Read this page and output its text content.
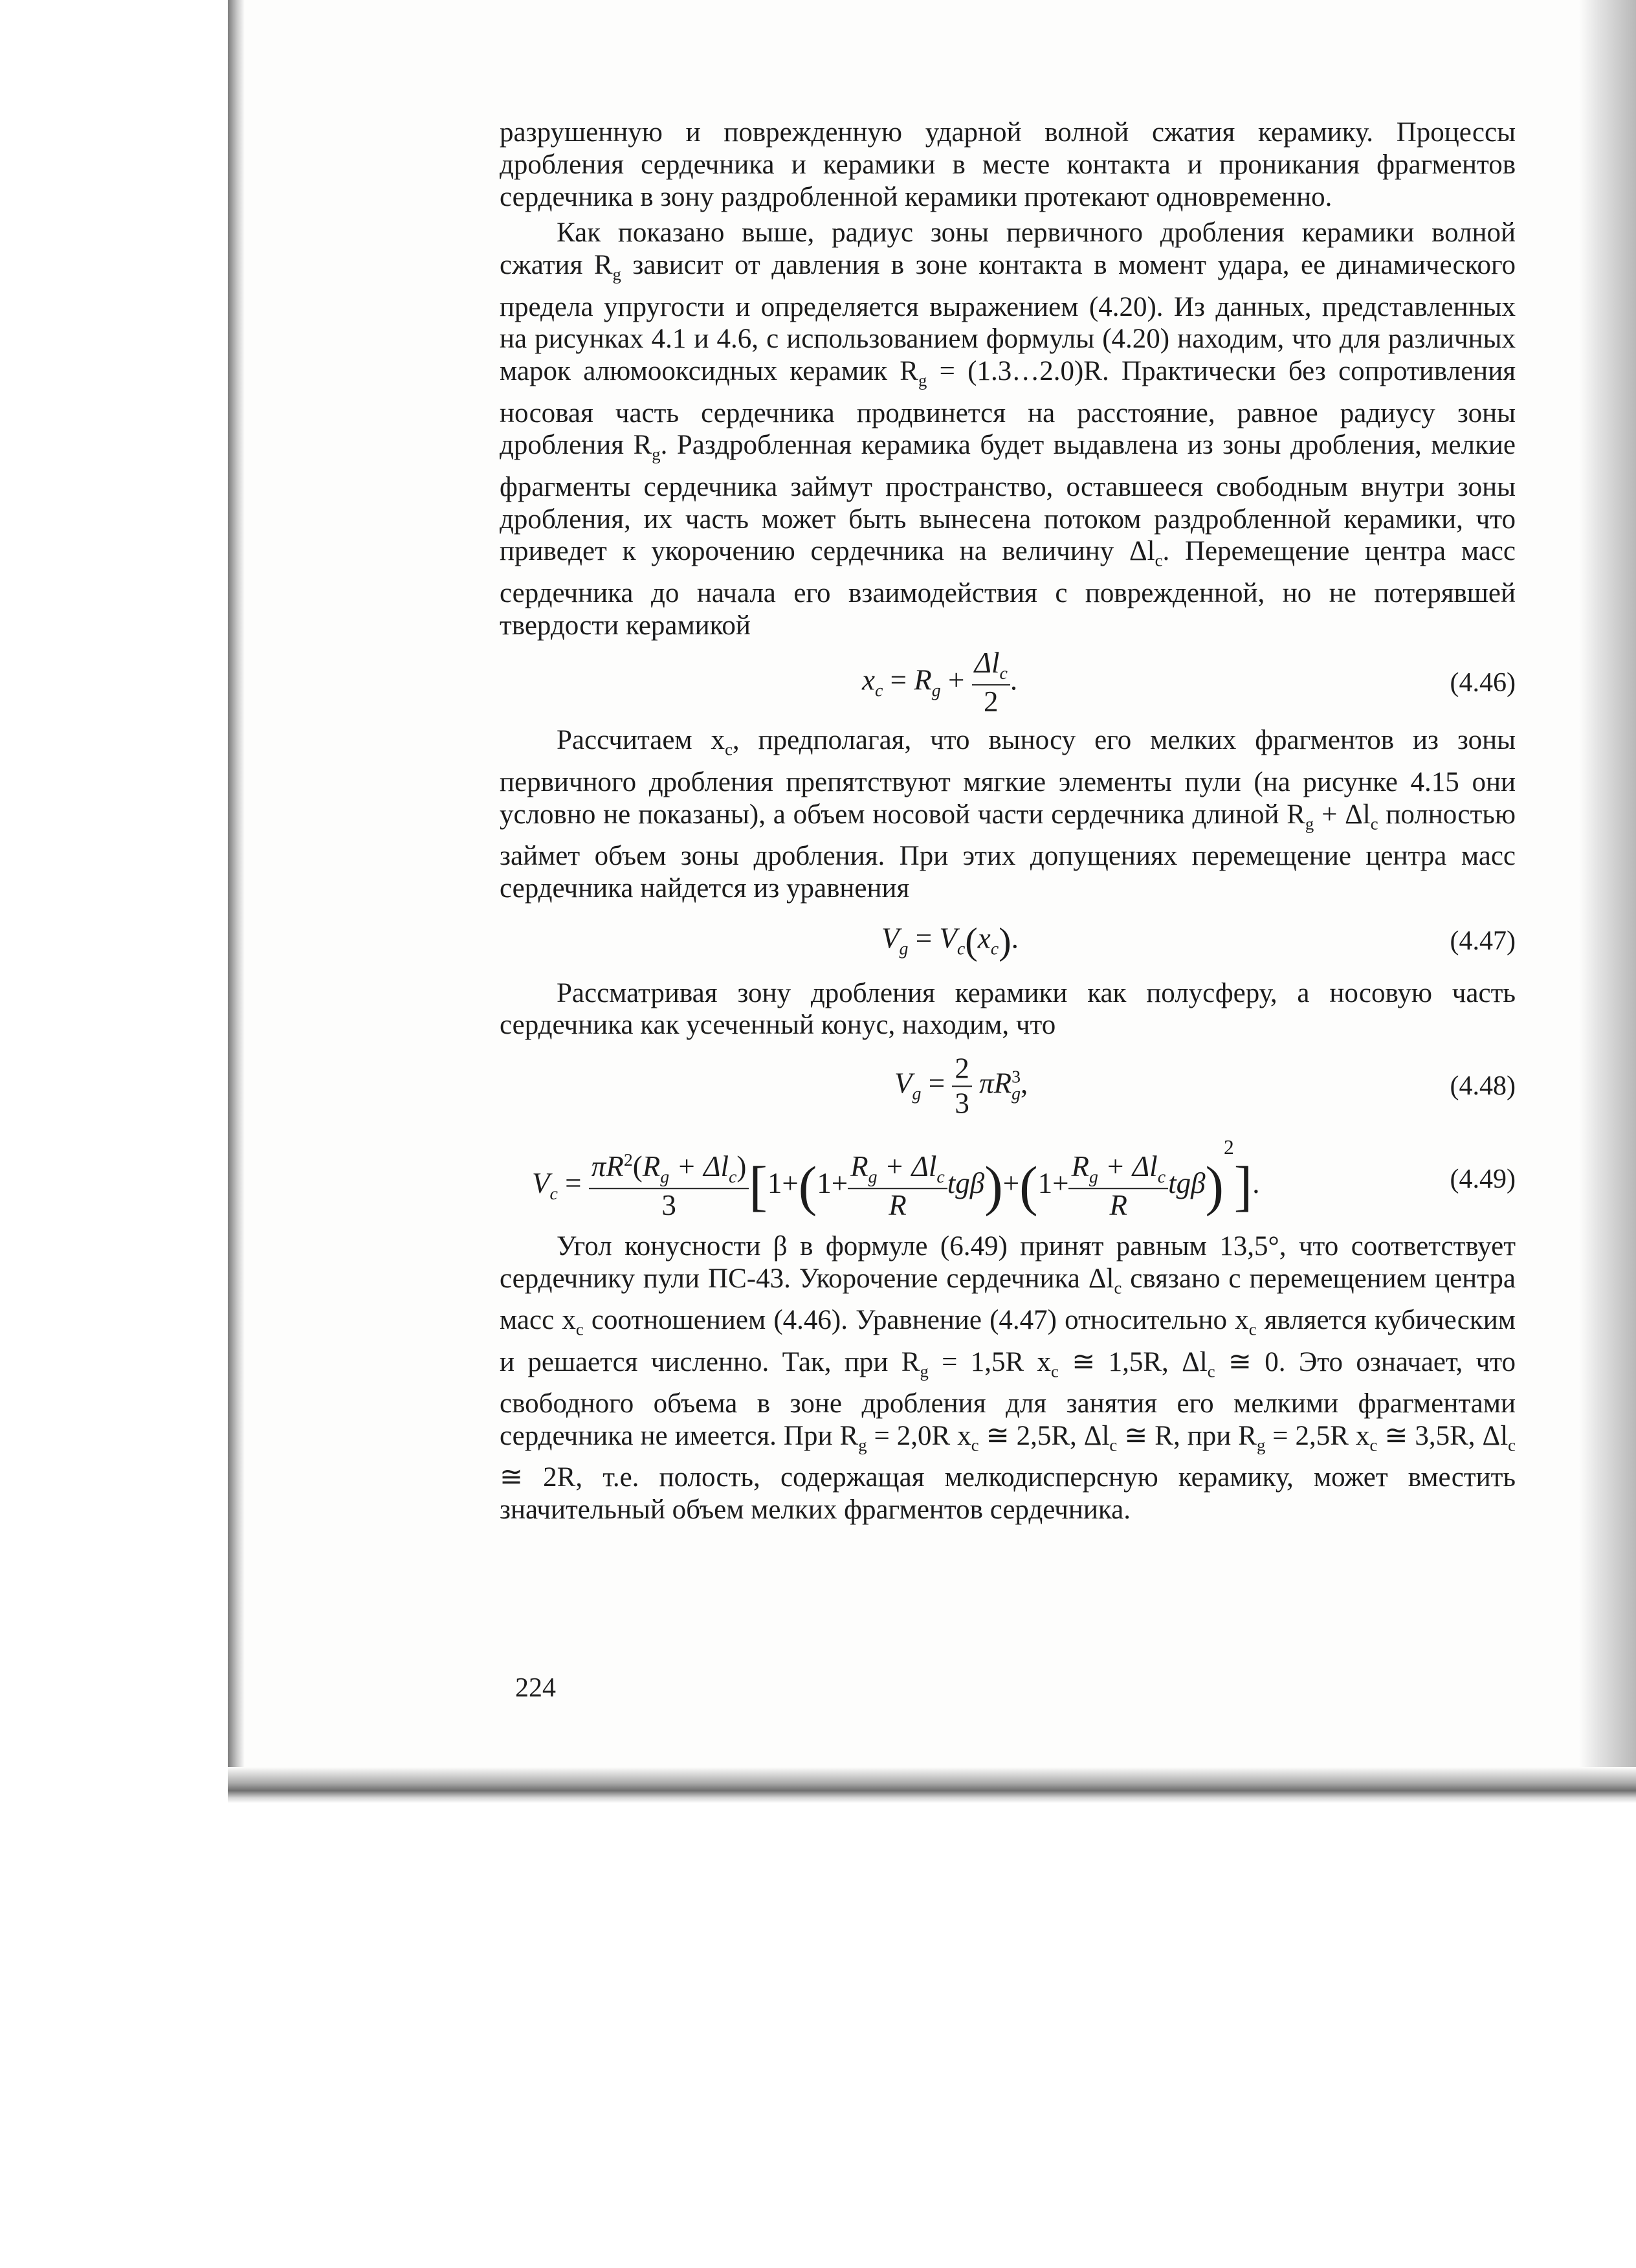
разрушенную и поврежденную ударной волной сжатия керамику. Процессы дробления сердечника и керамики в месте контакта и проникания фрагментов сердечника в зону раздробленной керамики протекают одновременно.

Как показано выше, радиус зоны первичного дробления керамики волной сжатия $R_g$ зависит от давления в зоне контакта в момент удара, ее динамического предела упругости и определяется выражением (4.20). Из данных, представленных на рисунках 4.1 и 4.6, с использованием формулы (4.20) находим, что для различных марок алюмооксидных керамик $R_g$ = (1.3…2.0)R. Практически без сопротивления носовая часть сердечника продвинется на расстояние, равное радиусу зоны дробления $R_g$. Раздробленная керамика будет выдавлена из зоны дробления, мелкие фрагменты сердечника займут пространство, оставшееся свободным внутри зоны дробления, их часть может быть вынесена потоком раздробленной керамики, что приведет к укорочению сердечника на величину $\Delta l_c$. Перемещение центра масс сердечника до начала его взаимодействия с поврежденной, но не потерявшей твердости керамикой

$x_c = R_g + \frac{\Delta l_c}{2}$ .	(4.46)

Рассчитаем $x_c$, предполагая, что выносу его мелких фрагментов из зоны первичного дробления препятствуют мягкие элементы пули (на рисунке 4.15 они условно не показаны), а объем носовой части сердечника длиной $R_g + \Delta l_c$ полностью займет объем зоны дробления. При этих допущениях перемещение центра масс сердечника найдется из уравнения

$V_g = V_c(x_c)$.	(4.47)

Рассматривая зону дробления керамики как полусферу, а носовую часть сердечника как усеченный конус, находим, что

$V_g = \frac{2}{3} \pi R^3_g$,	(4.48)
$V_c = \frac{\pi R^2(R_g + \Delta l_c)}{3} [1+(1+ \frac{R_g + \Delta l_c}{R} tg\beta)+(1+ \frac{R_g + \Delta l_c}{R} tg\beta)^2]$.	(4.49)

Угол конусности β в формуле (6.49) принят равным 13,5°, что соответствует сердечнику пули ПС-43. Укорочение сердечника $\Delta l_c$ связано с перемещением центра масс $x_c$ соотношением (4.46). Уравнение (4.47) относительно $x_c$ является кубическим и решается численно. Так, при $R_g = 1,5R$ $x_c$ ≅ 1,5R, $\Delta l_c$ ≅ 0. Это означает, что свободного объема в зоне дробления для занятия его мелкими фрагментами сердечника не имеется. При $R_g = 2,0R$ $x_c$ ≅ 2,5R, $\Delta l_c$ ≅ R, при $R_g = 2,5R$ $x_c$ ≅ 3,5R, $\Delta l_c$ ≅ 2R, т.е. полость, содержащая мелкодисперсную керамику, может вместить значительный объем мелких фрагментов сердечника.

224
